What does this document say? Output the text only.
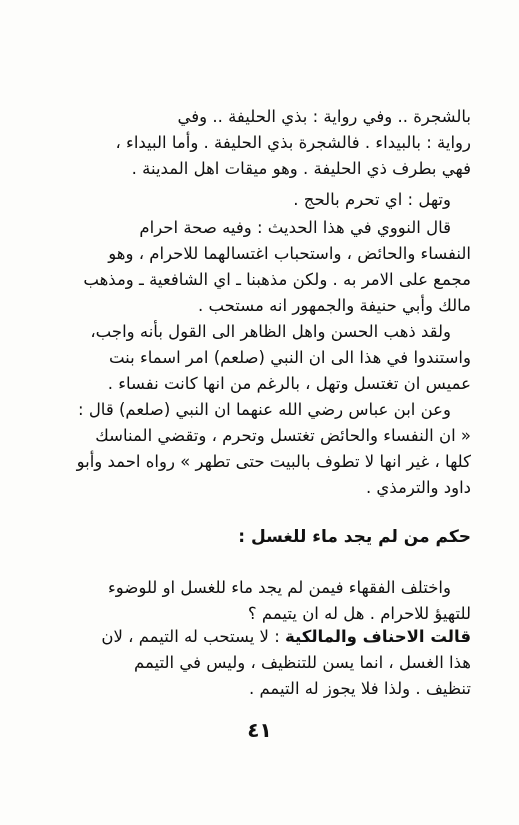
بالشجرة .. وفي رواية : بذي الحليفة .. وفي
رواية : بالبيداء . فالشجرة بذي الحليفة . وأما البيداء ،
فهي بطرف ذي الحليفة . وهو ميقات اهل المدينة .
وتهل : اي تحرم بالحج .
قال النووي في هذا الحديث : وفيه صحة احرام
النفساء والحائض ، واستحباب اغتسالهما للاحرام ، وهو
مجمع على الامر به . ولكن مذهبنا ـ اي الشافعية ـ ومذهب
مالك وأبي حنيفة والجمهور انه مستحب .
ولقد ذهب الحسن واهل الظاهر الى القول بأنه واجب،
واستندوا في هذا الى ان النبي (صلعم) امر اسماء بنت
عميس ان تغتسل وتهل ، بالرغم من انها كانت نفساء .
وعن ابن عباس رضي الله عنهما ان النبي (صلعم) قال :
« ان النفساء والحائض تغتسل وتحرم ، وتقضي المناسك
كلها ، غير انها لا تطوف بالبيت حتى تطهر » رواه احمد وأبو
داود والترمذي .
حكم من لم يجد ماء للغسل :
واختلف الفقهاء فيمن لم يجد ماء للغسل او للوضوء
للتهيؤ للاحرام . هل له ان يتيمم ؟
قالت الاحناف والمالكية : لا يستحب له التيمم ، لان
هذا الغسل ، انما يسن للتنظيف ، وليس في التيمم
تنظيف . ولذا فلا يجوز له التيمم .
٤١
